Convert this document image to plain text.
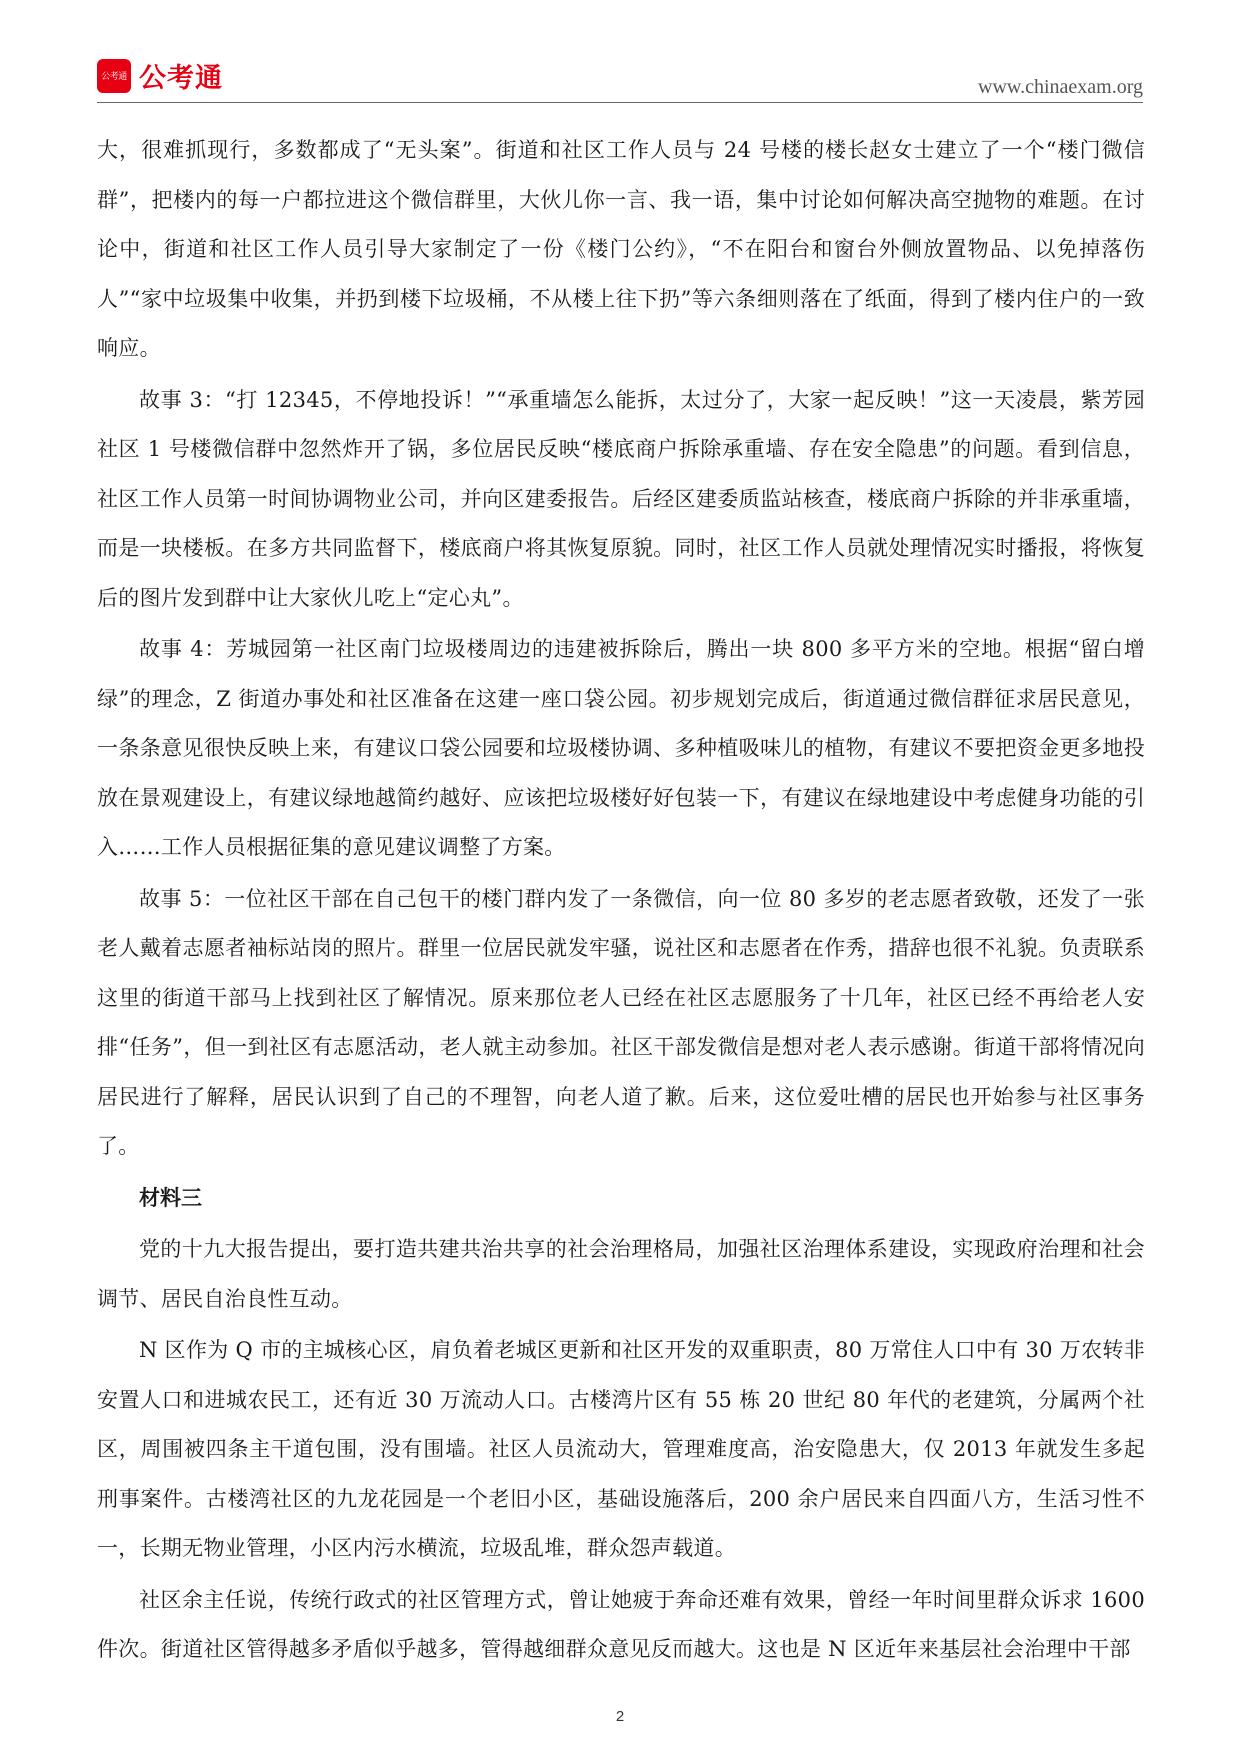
公考通 公考通	www.chinaexam.org

大，很难抓现行，多数都成了“无头案”。街道和社区工作人员与 24 号楼的楼长赵女士建立了一个“楼门微信群”，把楼内的每一户都拉进这个微信群里，大伙儿你一言、我一语，集中讨论如何解决高空抛物的难题。在讨论中，街道和社区工作人员引导大家制定了一份《楼门公约》，“不在阳台和窗台外侧放置物品、以免掉落伤人”“家中垃圾集中收集，并扔到楼下垃圾桶，不从楼上往下扔”等六条细则落在了纸面，得到了楼内住户的一致响应。

故事 3：“打 12345，不停地投诉！”“承重墙怎么能拆，太过分了，大家一起反映！”这一天凌晨，紫芳园社区 1 号楼微信群中忽然炸开了锅，多位居民反映“楼底商户拆除承重墙、存在安全隐患”的问题。看到信息，社区工作人员第一时间协调物业公司，并向区建委报告。后经区建委质监站核查，楼底商户拆除的并非承重墙，而是一块楼板。在多方共同监督下，楼底商户将其恢复原貌。同时，社区工作人员就处理情况实时播报，将恢复后的图片发到群中让大家伙儿吃上“定心丸”。

故事 4：芳城园第一社区南门垃圾楼周边的违建被拆除后，腾出一块 800 多平方米的空地。根据“留白增绿”的理念，Z 街道办事处和社区准备在这建一座口袋公园。初步规划完成后，街道通过微信群征求居民意见，一条条意见很快反映上来，有建议口袋公园要和垃圾楼协调、多种植吸味儿的植物，有建议不要把资金更多地投放在景观建设上，有建议绿地越简约越好、应该把垃圾楼好好包装一下，有建议在绿地建设中考虑健身功能的引入……工作人员根据征集的意见建议调整了方案。

故事 5：一位社区干部在自己包干的楼门群内发了一条微信，向一位 80 多岁的老志愿者致敬，还发了一张老人戴着志愿者袖标站岗的照片。群里一位居民就发牢骚，说社区和志愿者在作秀，措辞也很不礼貌。负责联系这里的街道干部马上找到社区了解情况。原来那位老人已经在社区志愿服务了十几年，社区已经不再给老人安排“任务”，但一到社区有志愿活动，老人就主动参加。社区干部发微信是想对老人表示感谢。街道干部将情况向居民进行了解释，居民认识到了自己的不理智，向老人道了歉。后来，这位爱吐槽的居民也开始参与社区事务了。

材料三

党的十九大报告提出，要打造共建共治共享的社会治理格局，加强社区治理体系建设，实现政府治理和社会调节、居民自治良性互动。

N 区作为 Q 市的主城核心区，肩负着老城区更新和社区开发的双重职责，80 万常住人口中有 30 万农转非安置人口和进城农民工，还有近 30 万流动人口。古楼湾片区有 55 栋 20 世纪 80 年代的老建筑，分属两个社区，周围被四条主干道包围，没有围墙。社区人员流动大，管理难度高，治安隐患大，仅 2013 年就发生多起刑事案件。古楼湾社区的九龙花园是一个老旧小区，基础设施落后，200 余户居民来自四面八方，生活习性不一，长期无物业管理，小区内污水横流，垃圾乱堆，群众怨声载道。

社区余主任说，传统行政式的社区管理方式，曾让她疲于奔命还难有效果，曾经一年时间里群众诉求 1600 件次。街道社区管得越多矛盾似乎越多，管得越细群众意见反而越大。这也是 N 区近年来基层社会治理中干部

2
